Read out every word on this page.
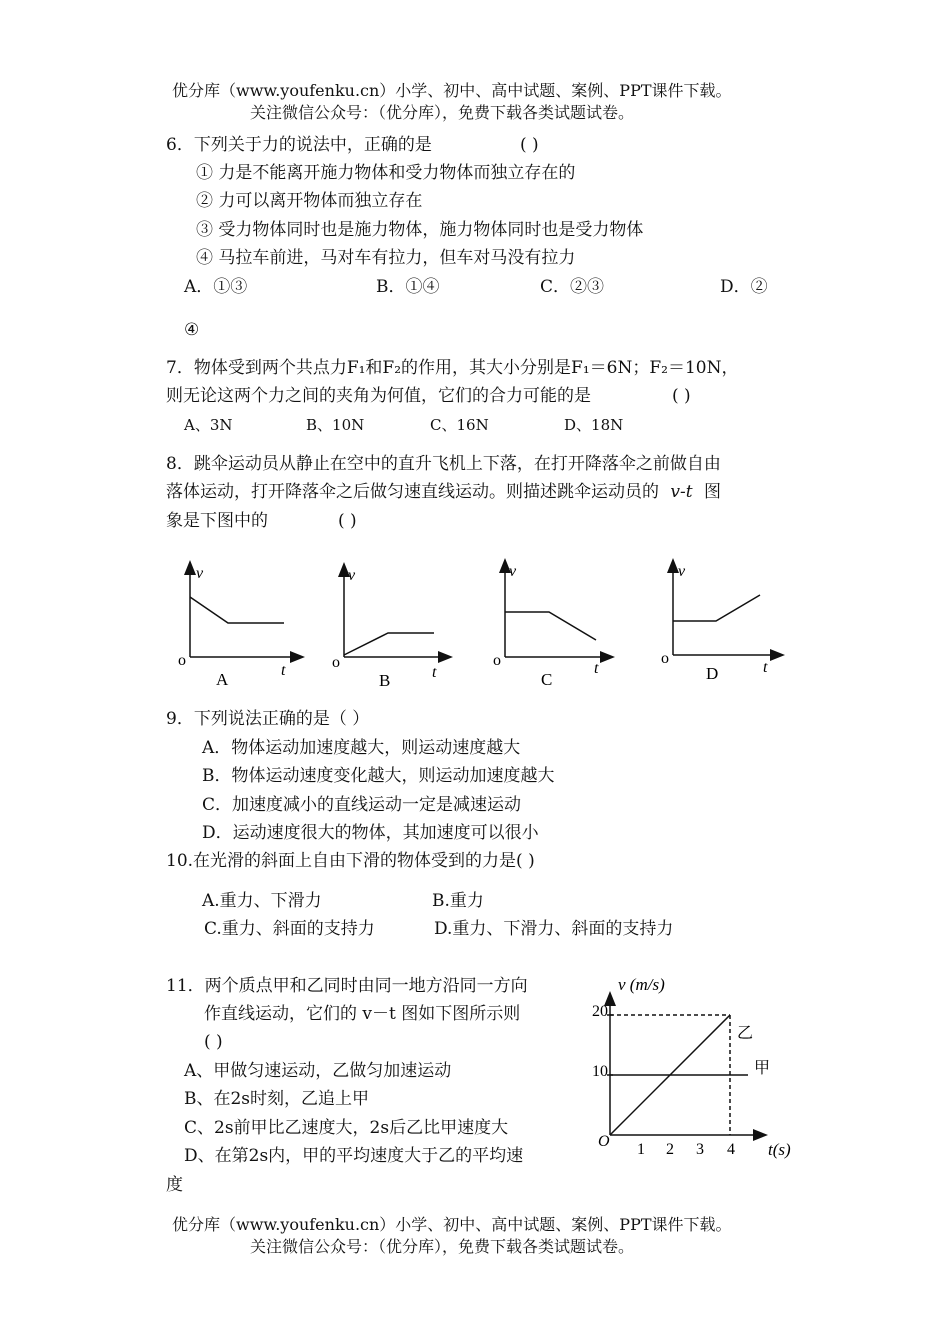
优分库（www.youfenku.cn）小学、初中、高中试题、案例、PPT课件下载。
关注微信公众号：（优分库），免费下载各类试题试卷。
6．下列关于力的说法中，正确的是	( )
① 力是不能离开施力物体和受力物体而独立存在的
② 力可以离开物体而独立存在
③ 受力物体同时也是施力物体，施力物体同时也是受力物体
④ 马拉车前进，马对车有拉力，但车对马没有拉力
A．①③	B．①④	C．②③	D．②
④
7．物体受到两个共点力F₁和F₂的作用，其大小分别是F₁＝6N；F₂＝10N，
则无论这两个力之间的夹角为何值，它们的合力可能的是	( )
A、3N	B、10N	C、16N	D、18N
8．跳伞运动员从静止在空中的直升飞机上下落，在打开降落伞之前做自由
落体运动，打开降落伞之后做匀速直线运动。则描述跳伞运动员的 v-t 图
象是下图中的	( )
v
t
o
A
v
t
o
B
v
t
o
C
v
t
o
D
9．下列说法正确的是（ ）
A．物体运动加速度越大，则运动速度越大
B．物体运动速度变化越大，则运动加速度越大
C．加速度减小的直线运动一定是减速运动
D．运动速度很大的物体，其加速度可以很小
10.在光滑的斜面上自由下滑的物体受到的力是( )
A.重力、下滑力	B.重力
C.重力、斜面的支持力	D.重力、下滑力、斜面的支持力
11．两个质点甲和乙同时由同一地方沿同一方向
作直线运动，它们的 v－t 图如下图所示则
( )
A、甲做匀速运动，乙做匀加速运动
B、在2s时刻，乙追上甲
C、2s前甲比乙速度大，2s后乙比甲速度大
D、在第2s内，甲的平均速度大于乙的平均速
度
v (m/s)
t(s)
O
20
10
1 2 3 4
甲
乙
优分库（www.youfenku.cn）小学、初中、高中试题、案例、PPT课件下载。
关注微信公众号：（优分库），免费下载各类试题试卷。
